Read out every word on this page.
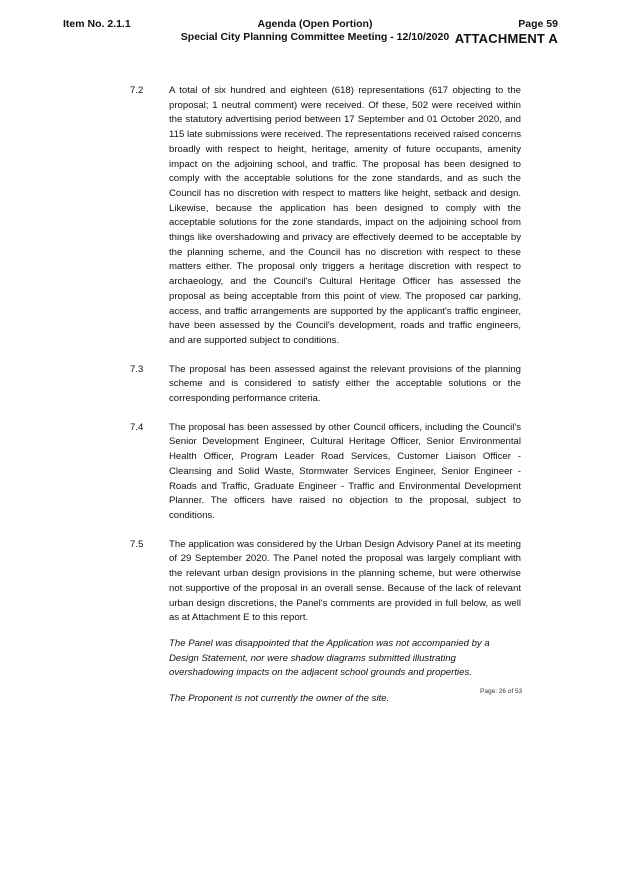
Item No. 2.1.1	Agenda (Open Portion)
Special City Planning Committee Meeting - 12/10/2020
Page 59
ATTACHMENT A
7.2	A total of six hundred and eighteen (618) representations (617 objecting to the proposal; 1 neutral comment) were received. Of these, 502 were received within the statutory advertising period between 17 September and 01 October 2020, and 115 late submissions were received. The representations received raised concerns broadly with respect to height, heritage, amenity of future occupants, amenity impact on the adjoining school, and traffic. The proposal has been designed to comply with the acceptable solutions for the zone standards, and as such the Council has no discretion with respect to matters like height, setback and design. Likewise, because the application has been designed to comply with the acceptable solutions for the zone standards, impact on the adjoining school from things like overshadowing and privacy are effectively deemed to be acceptable by the planning scheme, and the Council has no discretion with respect to these matters either. The proposal only triggers a heritage discretion with respect to archaeology, and the Council's Cultural Heritage Officer has assessed the proposal as being acceptable from this point of view. The proposed car parking, access, and traffic arrangements are supported by the applicant's traffic engineer, have been assessed by the Council's development, roads and traffic engineers, and are supported subject to conditions.
7.3	The proposal has been assessed against the relevant provisions of the planning scheme and is considered to satisfy either the acceptable solutions or the corresponding performance criteria.
7.4	The proposal has been assessed by other Council officers, including the Council's Senior Development Engineer, Cultural Heritage Officer, Senior Environmental Health Officer, Program Leader Road Services, Customer Liaison Officer - Cleansing and Solid Waste, Stormwater Services Engineer, Senior Engineer - Roads and Traffic, Graduate Engineer - Traffic and Environmental Development Planner. The officers have raised no objection to the proposal, subject to conditions.
7.5	The application was considered by the Urban Design Advisory Panel at its meeting of 29 September 2020. The Panel noted the proposal was largely compliant with the relevant urban design provisions in the planning scheme, but were otherwise not supportive of the proposal in an overall sense. Because of the lack of relevant urban design discretions, the Panel's comments are provided in full below, as well as at Attachment E to this report.
The Panel was disappointed that the Application was not accompanied by a Design Statement, nor were shadow diagrams submitted illustrating overshadowing impacts on the adjacent school grounds and properties.
The Proponent is not currently the owner of the site.
Page: 26 of 53
